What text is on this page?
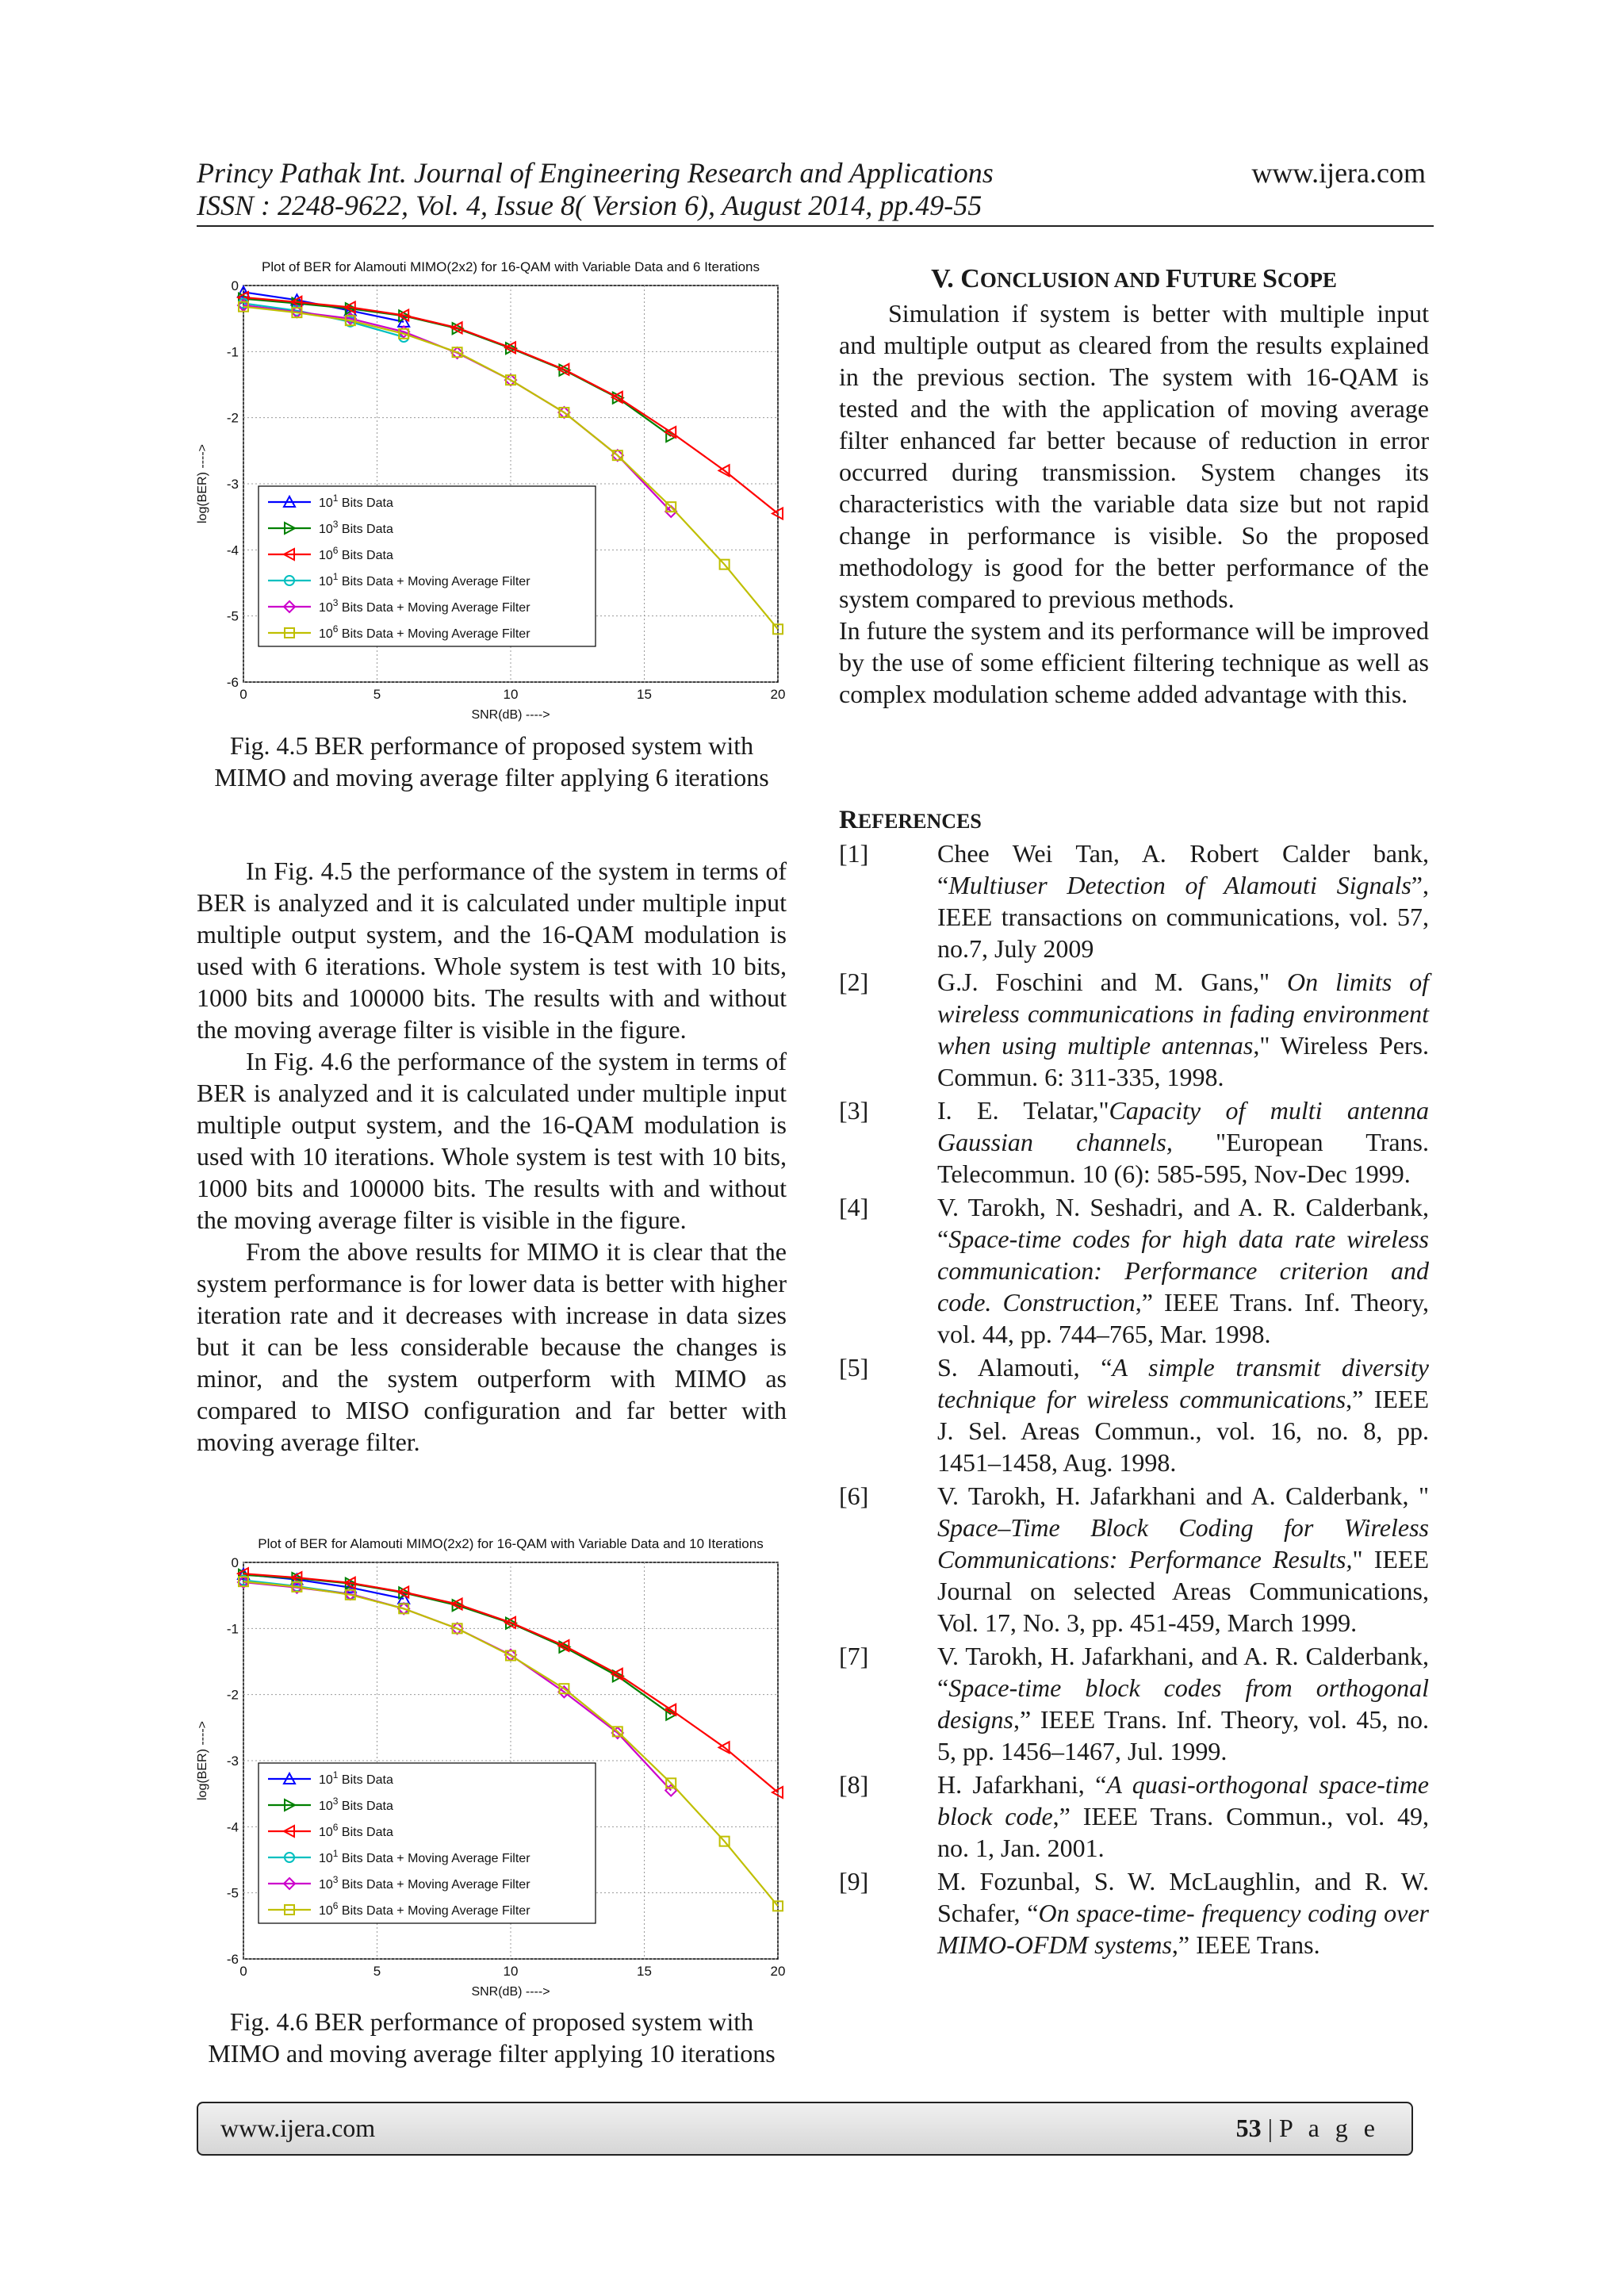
Princy Pathak Int. Journal of Engineering Research and Applications
ISSN : 2248-9622, Vol. 4, Issue 8( Version 6), August 2014, pp.49-55
www.ijera.com
Plot of BER for Alamouti MIMO(2x2) for 16-QAM with Variable Data and 6 Iterations
0	5	10	15	20
0
-1
-2
-3
-4
-5
-6
SNR(dB) ---->
log(BER) ---->	$10^1$ Bits Data
$10^3$ Bits Data
$10^6$ Bits Data
$10^1$ Bits Data + Moving Average Filter
$10^3$ Bits Data + Moving Average Filter
$10^6$ Bits Data + Moving Average Filter
Fig. 4.5 BER performance of proposed system with MIMO and moving average filter applying 6 iterations

In Fig. 4.5 the performance of the system in terms of BER is analyzed and it is calculated under multiple input multiple output system, and the 16-QAM modulation is used with 6 iterations. Whole system is test with 10 bits, 1000 bits and 100000 bits. The results with and without the moving average filter is visible in the figure.

In Fig. 4.6 the performance of the system in terms of BER is analyzed and it is calculated under multiple input multiple output system, and the 16-QAM modulation is used with 10 iterations. Whole system is test with 10 bits, 1000 bits and 100000 bits. The results with and without the moving average filter is visible in the figure.

From the above results for MIMO it is clear that the system performance is for lower data is better with higher iteration rate and it decreases with increase in data sizes but it can be less considerable because the changes is minor, and the system outperform with MIMO as compared to MISO configuration and far better with moving average filter.

Plot of BER for Alamouti MIMO(2x2) for 16-QAM with Variable Data and 10 Iterations
0	5	10	15	20
0
-1
-2
-3
-4
-5
-6
SNR(dB) ---->
log(BER) ---->	$10^1$ Bits Data
$10^3$ Bits Data
$10^6$ Bits Data
$10^1$ Bits Data + Moving Average Filter
$10^3$ Bits Data + Moving Average Filter
$10^6$ Bits Data + Moving Average Filter
Fig. 4.6 BER performance of proposed system with MIMO and moving average filter applying 10 iterations
V. CONCLUSION AND FUTURE SCOPE

Simulation if system is better with multiple input and multiple output as cleared from the results explained in the previous section. The system with 16-QAM is tested and the with the application of moving average filter enhanced far better because of reduction in error occurred during transmission. System changes its characteristics with the variable data size but not rapid change in performance is visible. So the proposed methodology is good for the better performance of the system compared to previous methods.

In future the system and its performance will be improved by the use of some efficient filtering technique as well as complex modulation scheme added advantage with this.

REFERENCES
[1]	Chee Wei Tan, A. Robert Calder bank, “Multiuser Detection of Alamouti Signals”, IEEE transactions on communications, vol. 57, no.7, July 2009
[2]	G.J. Foschini and M. Gans," On limits of wireless communications in fading environment when using multiple antennas," Wireless Pers. Commun. 6: 311-335, 1998.
[3]	I. E. Telatar,"Capacity of multi antenna Gaussian channels, "European Trans. Telecommun. 10 (6): 585-595, Nov-Dec 1999.
[4]	V. Tarokh, N. Seshadri, and A. R. Calderbank, “Space-time codes for high data rate wireless communication: Performance criterion and code. Construction,” IEEE Trans. Inf. Theory, vol. 44, pp. 744–765, Mar. 1998.
[5]	S. Alamouti, “A simple transmit diversity technique for wireless communications,” IEEE J. Sel. Areas Commun., vol. 16, no. 8, pp. 1451–1458, Aug. 1998.
[6]	V. Tarokh, H. Jafarkhani and A. Calderbank, " Space–Time Block Coding for Wireless Communications: Performance Results," IEEE Journal on selected Areas Communications, Vol. 17, No. 3, pp. 451-459, March 1999.
[7]	V. Tarokh, H. Jafarkhani, and A. R. Calderbank, “Space-time block codes from orthogonal designs,” IEEE Trans. Inf. Theory, vol. 45, no. 5, pp. 1456–1467, Jul. 1999.
[8]	H. Jafarkhani, “A quasi-orthogonal space-time block code,” IEEE Trans. Commun., vol. 49, no. 1, Jan. 2001.
[9]	M. Fozunbal, S. W. McLaughlin, and R. W. Schafer, “On space-time- frequency coding over MIMO-OFDM systems,” IEEE Trans.
www.ijera.com	53 | P a g e
